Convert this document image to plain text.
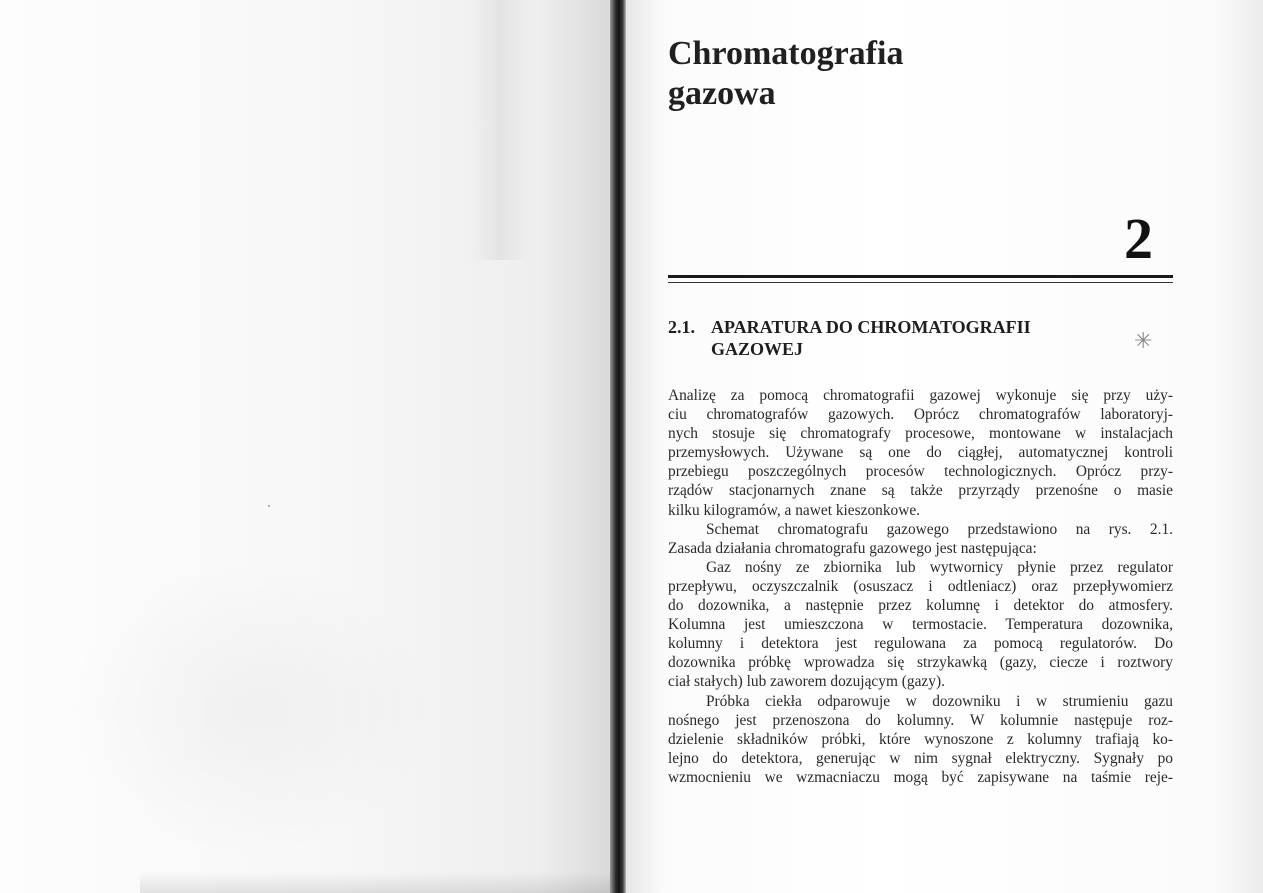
Chromatografia
gazowa
2
2.1. APARATURA DO CHROMATOGRAFII
GAZOWEJ	✳
Analizę za pomocą chromatografii gazowej wykonuje się przy uży-
ciu chromatografów gazowych. Oprócz chromatografów laboratoryj-
nych stosuje się chromatografy procesowe, montowane w instalacjach
przemysłowych. Używane są one do ciągłej, automatycznej kontroli
przebiegu poszczególnych procesów technologicznych. Oprócz przy-
rządów stacjonarnych znane są także przyrządy przenośne o masie
kilku kilogramów, a nawet kieszonkowe.
Schemat chromatografu gazowego przedstawiono na rys. 2.1.
Zasada działania chromatografu gazowego jest następująca:
Gaz nośny ze zbiornika lub wytwornicy płynie przez regulator
przepływu, oczyszczalnik (osuszacz i odtleniacz) oraz przepływomierz
do dozownika, a następnie przez kolumnę i detektor do atmosfery.
Kolumna jest umieszczona w termostacie. Temperatura dozownika,
kolumny i detektora jest regulowana za pomocą regulatorów. Do
dozownika próbkę wprowadza się strzykawką (gazy, ciecze i roztwory
ciał stałych) lub zaworem dozującym (gazy).
Próbka ciekła odparowuje w dozowniku i w strumieniu gazu
nośnego jest przenoszona do kolumny. W kolumnie następuje roz-
dzielenie składników próbki, które wynoszone z kolumny trafiają ko-
lejno do detektora, generując w nim sygnał elektryczny. Sygnały po
wzmocnieniu we wzmacniaczu mogą być zapisywane na taśmie reje-
